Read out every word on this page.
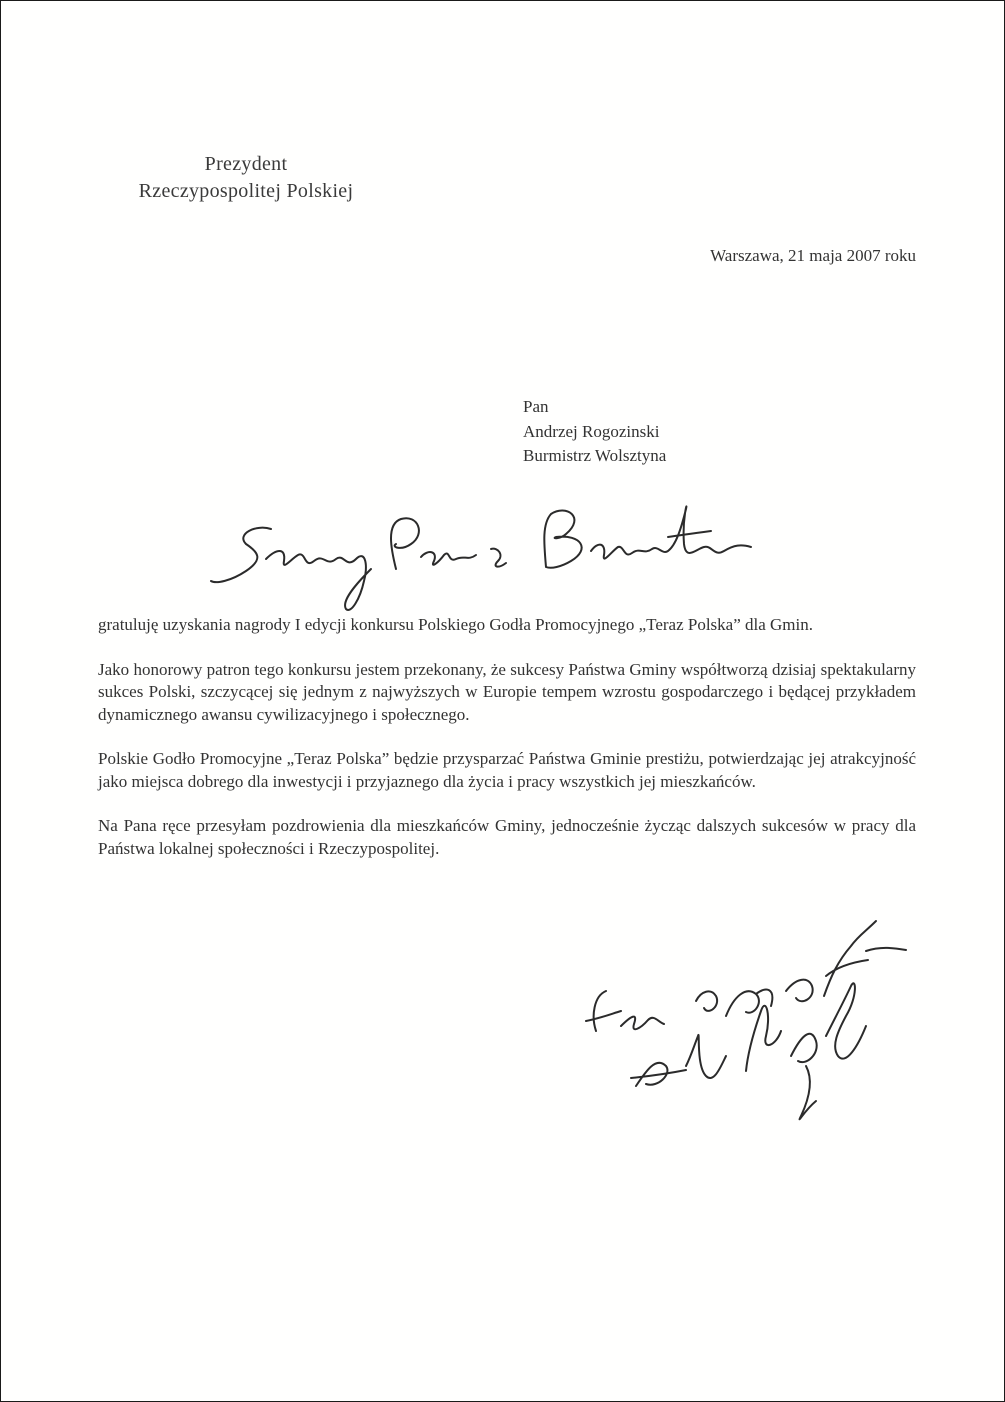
Prezydent
Rzeczypospolitej Polskiej
Warszawa, 21 maja 2007 roku
Pan
Andrzej Rogozinski
Burmistrz Wolsztyna

gratuluję uzyskania nagrody I edycji konkursu Polskiego Godła Promocyjnego „Teraz Polska” dla Gmin.

Jako honorowy patron tego konkursu jestem przekonany, że sukcesy Państwa Gminy współtworzą dzisiaj spektakularny sukces Polski, szczycącej się jednym z najwyższych w Europie tempem wzrostu gospodarczego i będącej przykładem dynamicznego awansu cywilizacyjnego i społecznego.

Polskie Godło Promocyjne „Teraz Polska” będzie przysparzać Państwa Gminie prestiżu, potwierdzając jej atrakcyjność jako miejsca dobrego dla inwestycji i przyjaznego dla życia i pracy wszystkich jej mieszkańców.

Na Pana ręce przesyłam pozdrowienia dla mieszkańców Gminy, jednocześnie życząc dalszych sukcesów w pracy dla Państwa lokalnej społeczności i Rzeczypospolitej.
